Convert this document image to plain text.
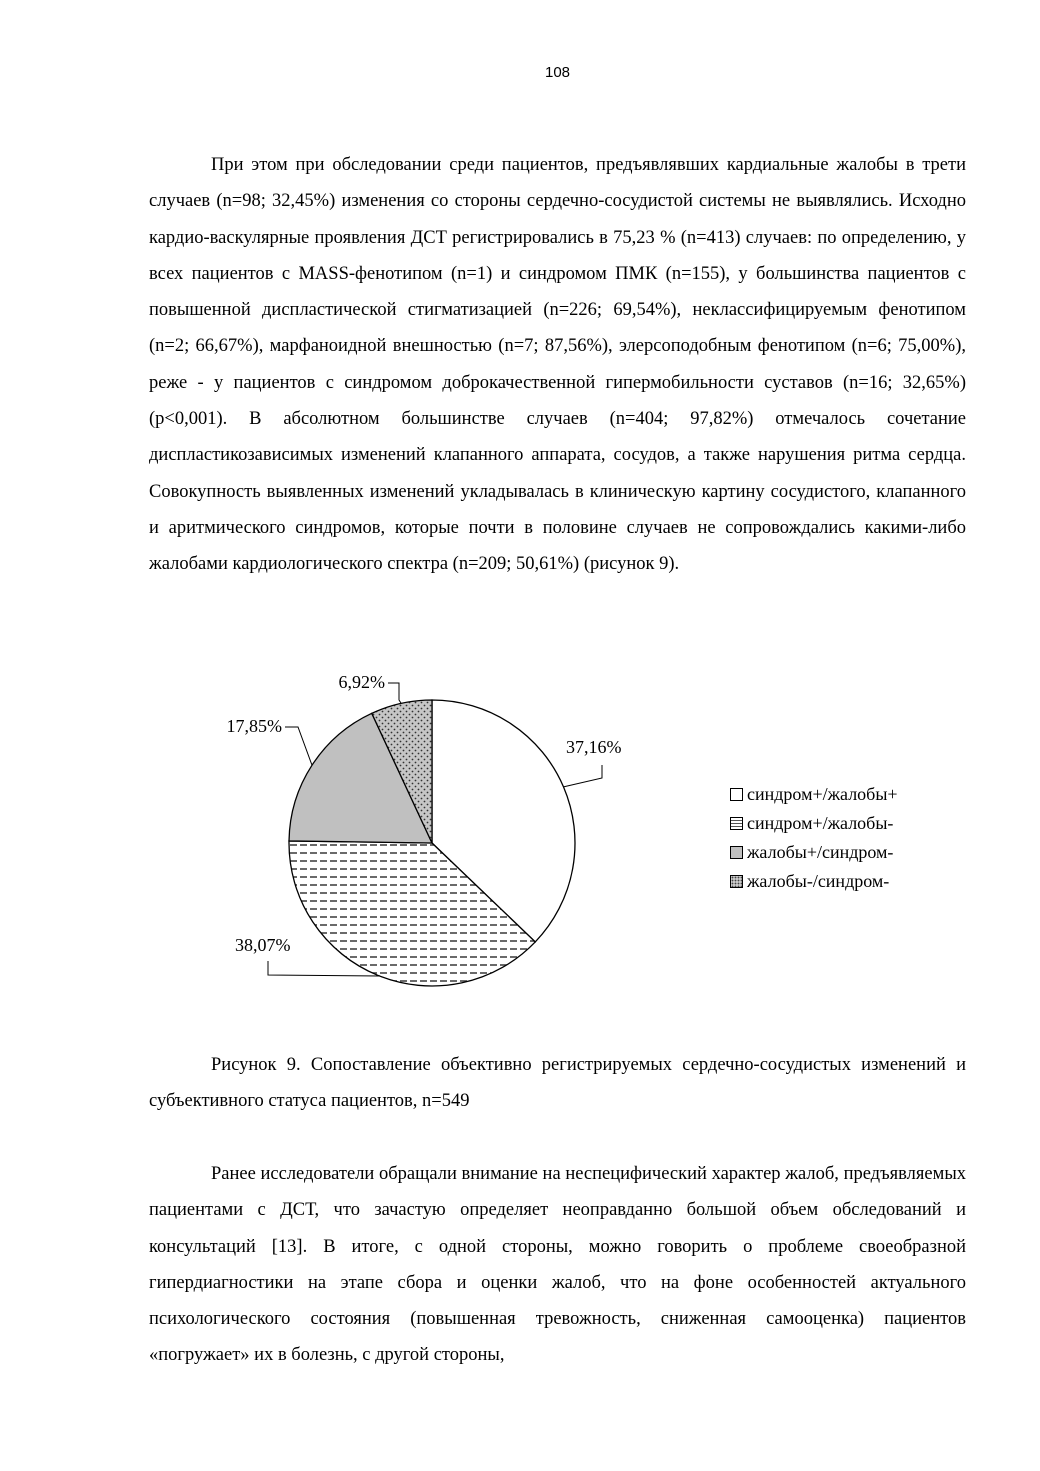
108

При этом при обследовании среди пациентов, предъявлявших кардиальные жалобы в трети случаев (n=98; 32,45%) изменения со стороны сердечно-сосудистой системы не выявлялись. Исходно кардио-васкулярные проявления ДСТ регистрировались в 75,23 % (n=413) случаев: по определению, у всех пациентов с MASS-фенотипом (n=1) и синдромом ПМК (n=155), у большинства пациентов с повышенной диспластической стигматизацией (n=226; 69,54%), неклассифицируемым фенотипом (n=2; 66,67%), марфаноидной внешностью (n=7; 87,56%), элерсоподобным фенотипом (n=6; 75,00%), реже - у пациентов с синдромом доброкачественной гипермобильности суставов (n=16; 32,65%) (p<0,001). В абсолютном большинстве случаев (n=404; 97,82%) отмечалось сочетание диспластикозависимых изменений клапанного аппарата, сосудов, а также нарушения ритма сердца. Совокупность выявленных изменений укладывалась в клиническую картину сосудистого, клапанного и аритмического синдромов, которые почти в половине случаев не сопровождались какими-либо жалобами кардиологического спектра (n=209; 50,61%) (рисунок 9).

37,16%
38,07%
17,85%
6,92%
синдром+/жалобы+
синдром+/жалобы-
жалобы+/синдром-
жалобы-/синдром-

Рисунок 9. Сопоставление объективно регистрируемых сердечно-сосудистых изменений и субъективного статуса пациентов, n=549

Ранее исследователи обращали внимание на неспецифический характер жалоб, предъявляемых пациентами с ДСТ, что зачастую определяет неоправданно большой объем обследований и консультаций [13]. В итоге, с одной стороны, можно говорить о проблеме своеобразной гипердиагностики на этапе сбора и оценки жалоб, что на фоне особенностей актуального психологического состояния (повышенная тревожность, сниженная самооценка) пациентов «погружает» их в болезнь, с другой стороны,
